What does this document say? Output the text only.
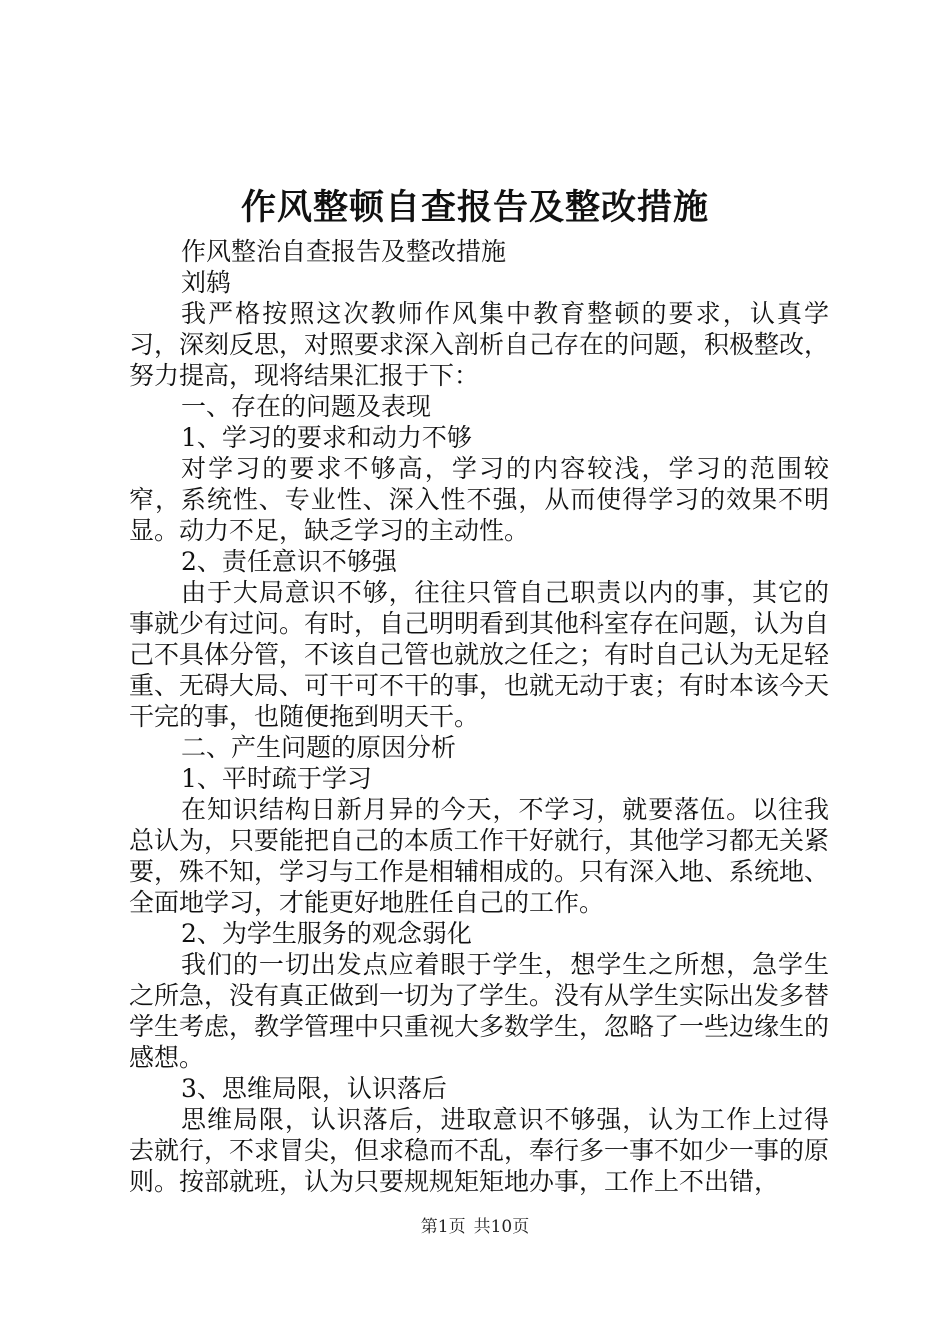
作风整顿自查报告及整改措施

作风整治自查报告及整改措施

刘鸫

我严格按照这次教师作风集中教育整顿的要求，认真学习，深刻反思，对照要求深入剖析自己存在的问题，积极整改，努力提高，现将结果汇报于下：

一、存在的问题及表现

1、学习的要求和动力不够

对学习的要求不够高，学习的内容较浅，学习的范围较窄，系统性、专业性、深入性不强，从而使得学习的效果不明显。动力不足，缺乏学习的主动性。

2、责任意识不够强

由于大局意识不够，往往只管自己职责以内的事，其它的事就少有过问。有时，自己明明看到其他科室存在问题，认为自己不具体分管，不该自己管也就放之任之；有时自己认为无足轻重、无碍大局、可干可不干的事，也就无动于衷；有时本该今天干完的事，也随便拖到明天干。

二、产生问题的原因分析

1、平时疏于学习

在知识结构日新月异的今天，不学习，就要落伍。以往我总认为，只要能把自己的本质工作干好就行，其他学习都无关紧要，殊不知，学习与工作是相辅相成的。只有深入地、系统地、全面地学习，才能更好地胜任自己的工作。

2、为学生服务的观念弱化

我们的一切出发点应着眼于学生，想学生之所想，急学生之所急，没有真正做到一切为了学生。没有从学生实际出发多替学生考虑，教学管理中只重视大多数学生，忽略了一些边缘生的感想。

3、思维局限，认识落后

思维局限，认识落后，进取意识不够强，认为工作上过得去就行，不求冒尖，但求稳而不乱，奉行多一事不如少一事的原则。按部就班，认为只要规规矩矩地办事，工作上不出错，

第1页 共10页
